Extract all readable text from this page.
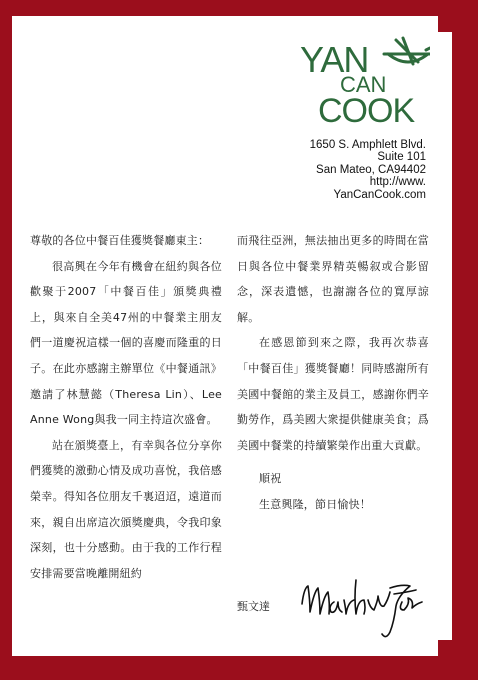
YAN
CAN
COOK
1650 S. Amphlett Blvd.
Suite 101
San Mateo, CA94402
http://www.
YanCanCook.com

尊敬的各位中餐百佳獲獎餐廳東主：

很高興在今年有機會在紐約與各位歡聚于2007「中餐百佳」頒獎典禮上，與來自全美47州的中餐業主朋友們一道慶祝這樣一個的喜慶而隆重的日子。在此亦感謝主辦單位《中餐通訊》邀請了林慧懿（Theresa Lin）、Lee Anne Wong與我一同主持這次盛會。

站在頒獎臺上，有幸與各位分享你們獲獎的激動心情及成功喜悅，我倍感榮幸。得知各位朋友千裏迢迢，遠道而來，親自出席這次頒獎慶典，令我印象深刻，也十分感動。由于我的工作行程安排需要當晚離開紐約

而飛往亞洲，無法抽出更多的時間在當日與各位中餐業界精英暢叙或合影留念，深表遺憾，也謝謝各位的寬厚諒解。

在感恩節到來之際，我再次恭喜「中餐百佳」獲獎餐廳！同時感謝所有美國中餐館的業主及員工，感謝你們辛勤勞作，爲美國大衆提供健康美食；爲美國中餐業的持續繁榮作出重大貢獻。

順祝

生意興隆，節日愉快！

甄文達
